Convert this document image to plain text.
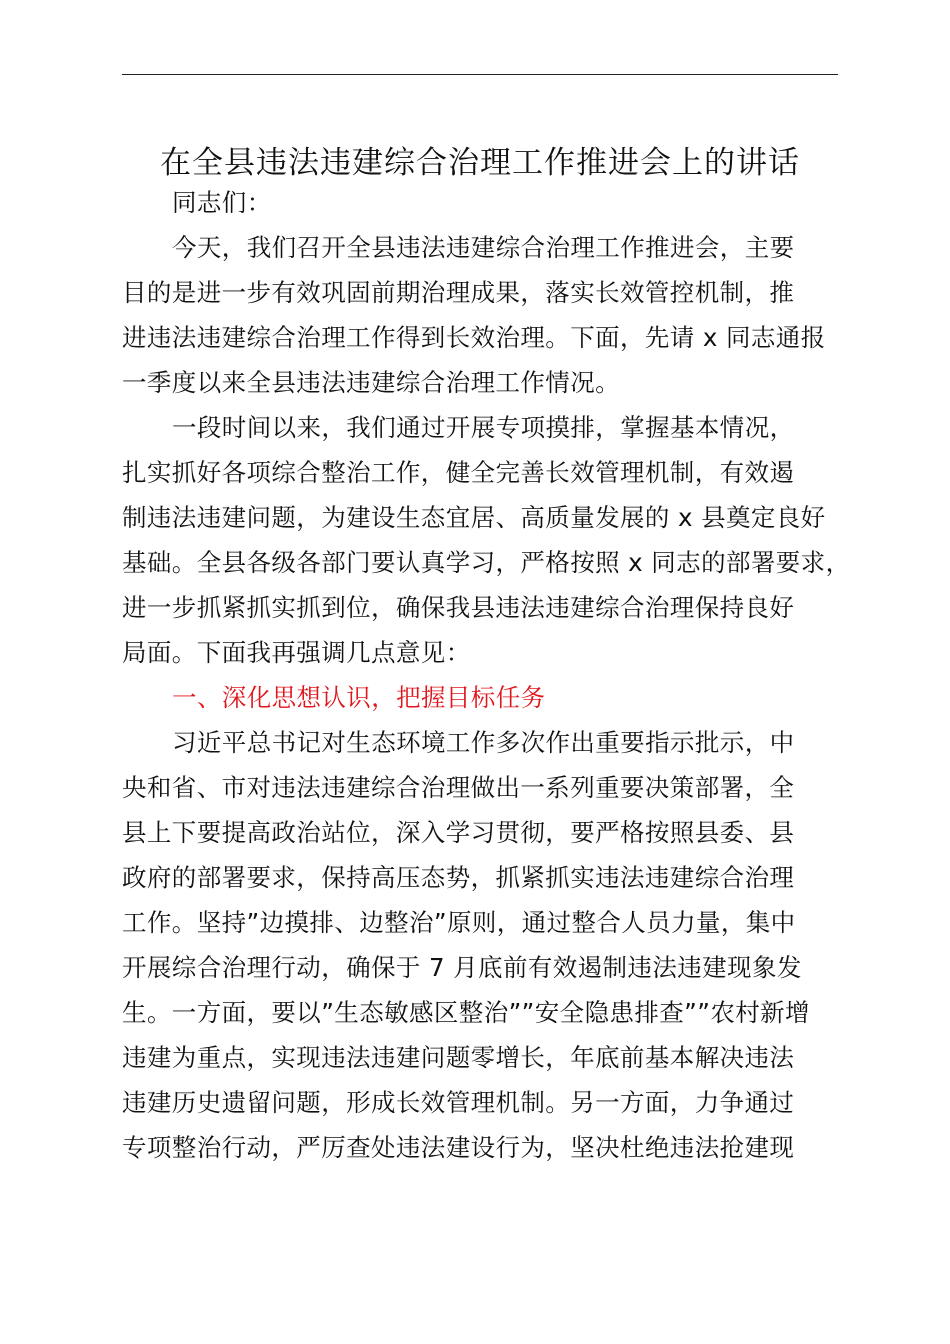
在全县违法违建综合治理工作推进会上的讲话
同志们：
今天，我们召开全县违法违建综合治理工作推进会，主要
目的是进一步有效巩固前期治理成果，落实长效管控机制，推
进违法违建综合治理工作得到长效治理。下面，先请 x 同志通报
一季度以来全县违法违建综合治理工作情况。
一段时间以来，我们通过开展专项摸排，掌握基本情况，
扎实抓好各项综合整治工作，健全完善长效管理机制，有效遏
制违法违建问题，为建设生态宜居、高质量发展的 x 县奠定良好
基础。全县各级各部门要认真学习，严格按照 x 同志的部署要求，
进一步抓紧抓实抓到位，确保我县违法违建综合治理保持良好
局面。下面我再强调几点意见：
一、深化思想认识，把握目标任务
习近平总书记对生态环境工作多次作出重要指示批示，中
央和省、市对违法违建综合治理做出一系列重要决策部署，全
县上下要提高政治站位，深入学习贯彻，要严格按照县委、县
政府的部署要求，保持高压态势，抓紧抓实违法违建综合治理
工作。坚持”边摸排、边整治”原则，通过整合人员力量，集中
开展综合治理行动，确保于 7 月底前有效遏制违法违建现象发
生。一方面，要以”生态敏感区整治””安全隐患排查””农村新增
违建为重点，实现违法违建问题零增长，年底前基本解决违法
违建历史遗留问题，形成长效管理机制。另一方面，力争通过
专项整治行动，严厉查处违法建设行为，坚决杜绝违法抢建现
